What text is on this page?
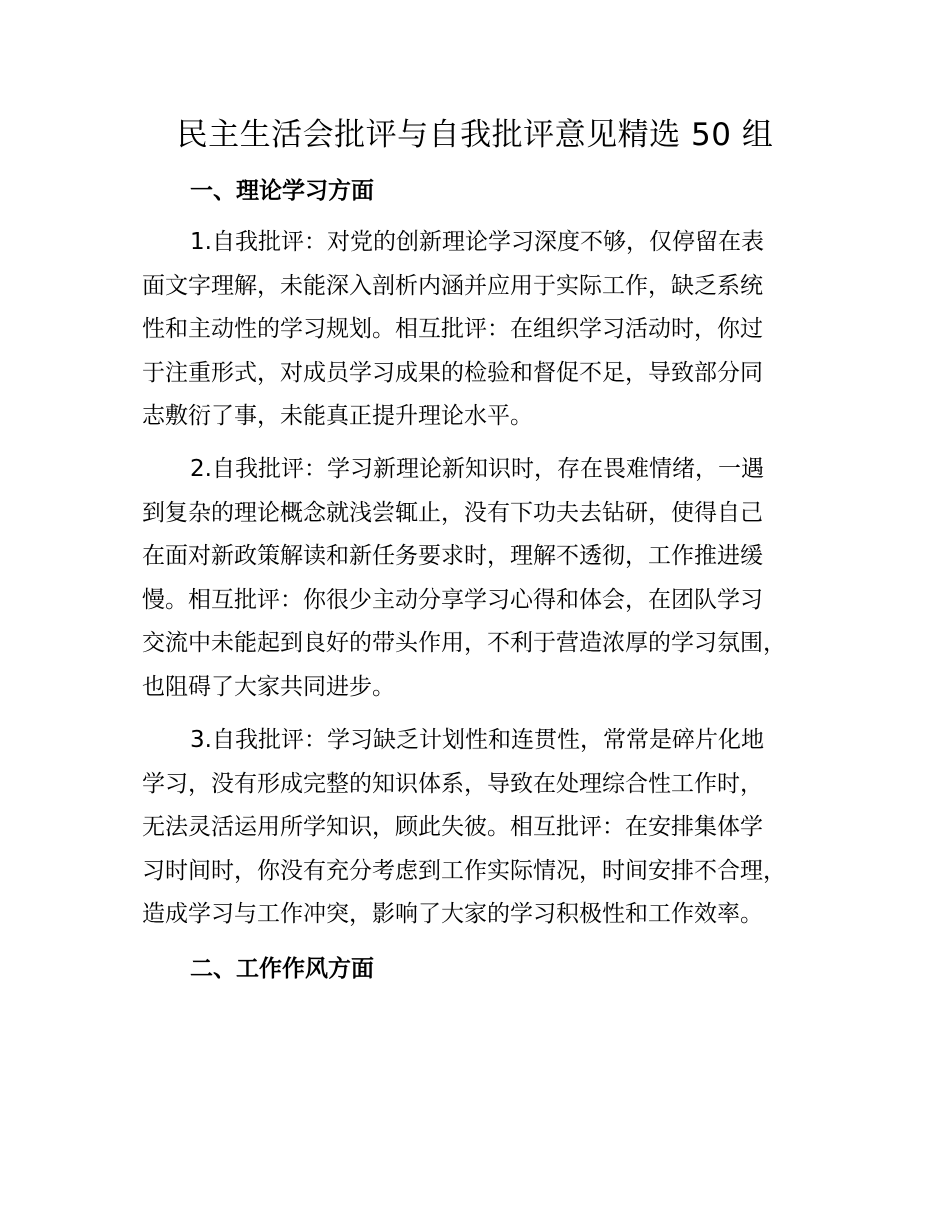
民主生活会批评与自我批评意见精选 50 组
一、理论学习方面
1.自我批评：对党的创新理论学习深度不够，仅停留在表
面文字理解，未能深入剖析内涵并应用于实际工作，缺乏系统
性和主动性的学习规划。相互批评：在组织学习活动时，你过
于注重形式，对成员学习成果的检验和督促不足，导致部分同
志敷衍了事，未能真正提升理论水平。
2.自我批评：学习新理论新知识时，存在畏难情绪，一遇
到复杂的理论概念就浅尝辄止，没有下功夫去钻研，使得自己
在面对新政策解读和新任务要求时，理解不透彻，工作推进缓
慢。相互批评：你很少主动分享学习心得和体会，在团队学习
交流中未能起到良好的带头作用，不利于营造浓厚的学习氛围，
也阻碍了大家共同进步。
3.自我批评：学习缺乏计划性和连贯性，常常是碎片化地
学习，没有形成完整的知识体系，导致在处理综合性工作时，
无法灵活运用所学知识，顾此失彼。相互批评：在安排集体学
习时间时，你没有充分考虑到工作实际情况，时间安排不合理，
造成学习与工作冲突，影响了大家的学习积极性和工作效率。
二、工作作风方面
